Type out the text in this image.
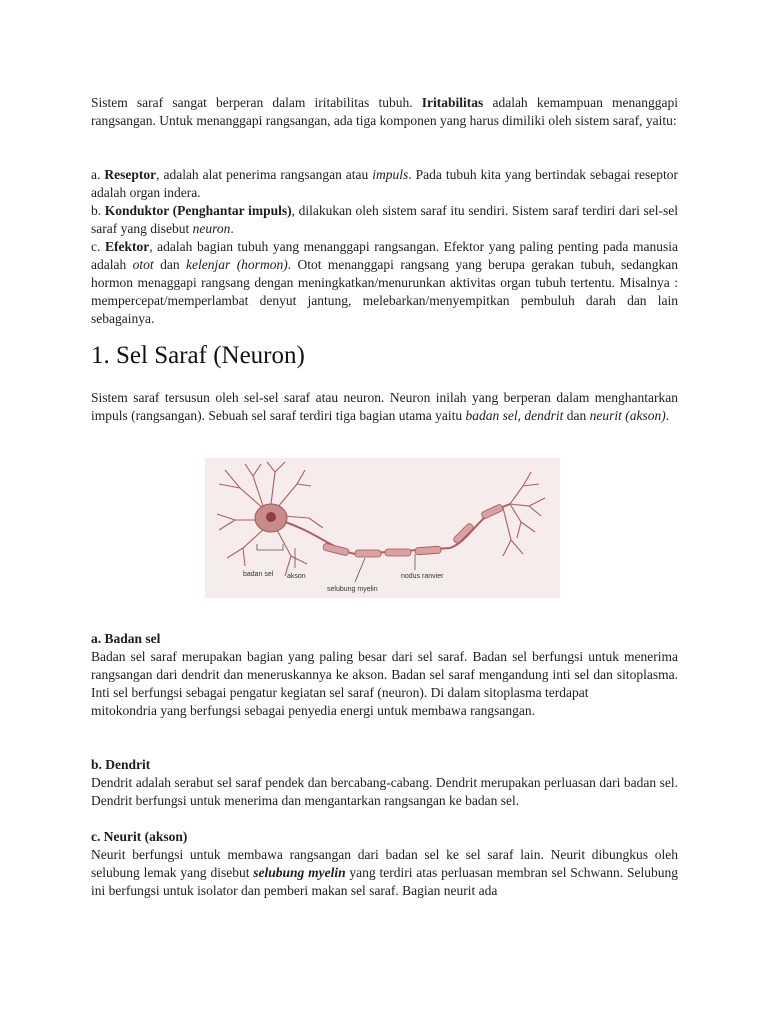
Sistem saraf sangat berperan dalam iritabilitas tubuh. Iritabilitas adalah kemampuan menanggapi rangsangan. Untuk menanggapi rangsangan, ada tiga komponen yang harus dimiliki oleh sistem saraf, yaitu:

a. Reseptor, adalah alat penerima rangsangan atau impuls. Pada tubuh kita yang bertindak sebagai reseptor adalah organ indera.

b. Konduktor (Penghantar impuls), dilakukan oleh sistem saraf itu sendiri. Sistem saraf terdiri dari sel-sel saraf yang disebut neuron.

c. Efektor, adalah bagian tubuh yang menanggapi rangsangan. Efektor yang paling penting pada manusia adalah otot dan kelenjar (hormon). Otot menanggapi rangsang yang berupa gerakan tubuh, sedangkan hormon menaggapi rangsang dengan meningkatkan/menurunkan aktivitas organ tubuh tertentu. Misalnya : mempercepat/memperlambat denyut jantung, melebarkan/menyempitkan pembuluh darah dan lain sebagainya.

1. Sel Saraf (Neuron)
Sistem saraf tersusun oleh sel-sel saraf atau neuron. Neuron inilah yang berperan dalam menghantarkan impuls (rangsangan). Sebuah sel saraf terdiri tiga bagian utama yaitu badan sel, dendrit dan neurit (akson).
badan sel akson
selubung myelin
nodus ranvier
a. Badan sel

Badan sel saraf merupakan bagian yang paling besar dari sel saraf. Badan sel berfungsi untuk menerima rangsangan dari dendrit dan meneruskannya ke akson. Badan sel saraf mengandung inti sel dan sitoplasma. Inti sel berfungsi sebagai pengatur kegiatan sel saraf (neuron). Di dalam sitoplasma terdapat

mitokondria yang berfungsi sebagai penyedia energi untuk membawa rangsangan.

b. Dendrit
Dendrit adalah serabut sel saraf pendek dan bercabang-cabang. Dendrit merupakan perluasan dari badan sel. Dendrit berfungsi untuk menerima dan mengantarkan rangsangan ke badan sel.
c. Neurit (akson)
Neurit berfungsi untuk membawa rangsangan dari badan sel ke sel saraf lain. Neurit dibungkus oleh selubung lemak yang disebut selubung myelin yang terdiri atas perluasan membran sel Schwann. Selubung ini berfungsi untuk isolator dan pemberi makan sel saraf. Bagian neurit ada
